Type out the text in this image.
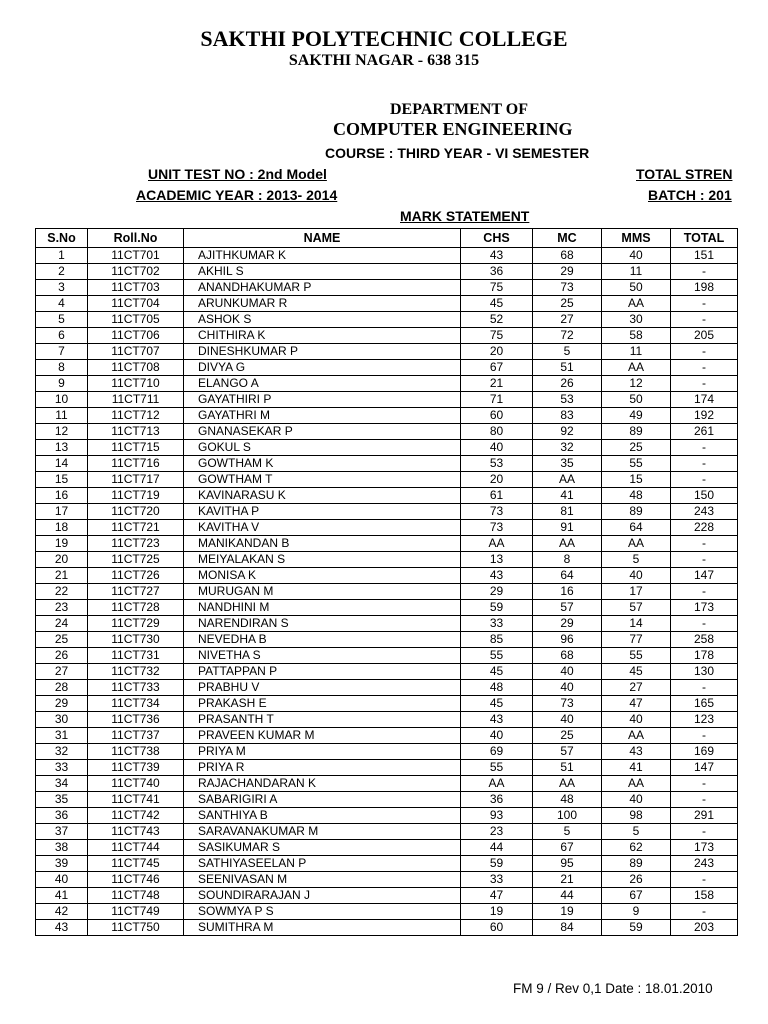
SAKTHI POLYTECHNIC COLLEGE
SAKTHI NAGAR - 638 315
DEPARTMENT OF
COMPUTER ENGINEERING
COURSE : THIRD YEAR - VI SEMESTER
UNIT TEST NO : 2nd Model	TOTAL STREN
ACADEMIC YEAR : 2013- 2014	BATCH : 201
MARK STATEMENT
S.No	Roll.No	NAME	CHS	MC	MMS	TOTAL
1	11CT701	AJITHKUMAR K	43	68	40	151
2	11CT702	AKHIL S	36	29	11	-
3	11CT703	ANANDHAKUMAR P	75	73	50	198
4	11CT704	ARUNKUMAR R	45	25	AA	-
5	11CT705	ASHOK S	52	27	30	-
6	11CT706	CHITHIRA K	75	72	58	205
7	11CT707	DINESHKUMAR P	20	5	11	-
8	11CT708	DIVYA G	67	51	AA	-
9	11CT710	ELANGO A	21	26	12	-
10	11CT711	GAYATHIRI P	71	53	50	174
11	11CT712	GAYATHRI M	60	83	49	192
12	11CT713	GNANASEKAR P	80	92	89	261
13	11CT715	GOKUL S	40	32	25	-
14	11CT716	GOWTHAM K	53	35	55	-
15	11CT717	GOWTHAM T	20	AA	15	-
16	11CT719	KAVINARASU K	61	41	48	150
17	11CT720	KAVITHA P	73	81	89	243
18	11CT721	KAVITHA V	73	91	64	228
19	11CT723	MANIKANDAN B	AA	AA	AA	-
20	11CT725	MEIYALAKAN S	13	8	5	-
21	11CT726	MONISA K	43	64	40	147
22	11CT727	MURUGAN M	29	16	17	-
23	11CT728	NANDHINI M	59	57	57	173
24	11CT729	NARENDIRAN S	33	29	14	-
25	11CT730	NEVEDHA B	85	96	77	258
26	11CT731	NIVETHA S	55	68	55	178
27	11CT732	PATTAPPAN P	45	40	45	130
28	11CT733	PRABHU V	48	40	27	-
29	11CT734	PRAKASH E	45	73	47	165
30	11CT736	PRASANTH T	43	40	40	123
31	11CT737	PRAVEEN KUMAR M	40	25	AA	-
32	11CT738	PRIYA M	69	57	43	169
33	11CT739	PRIYA R	55	51	41	147
34	11CT740	RAJACHANDARAN K	AA	AA	AA	-
35	11CT741	SABARIGIRI A	36	48	40	-
36	11CT742	SANTHIYA B	93	100	98	291
37	11CT743	SARAVANAKUMAR M	23	5	5	-
38	11CT744	SASIKUMAR S	44	67	62	173
39	11CT745	SATHIYASEELAN P	59	95	89	243
40	11CT746	SEENIVASAN M	33	21	26	-
41	11CT748	SOUNDIRARAJAN J	47	44	67	158
42	11CT749	SOWMYA P S	19	19	9	-
43	11CT750	SUMITHRA M	60	84	59	203
FM 9 / Rev 0,1 Date : 18.01.2010
